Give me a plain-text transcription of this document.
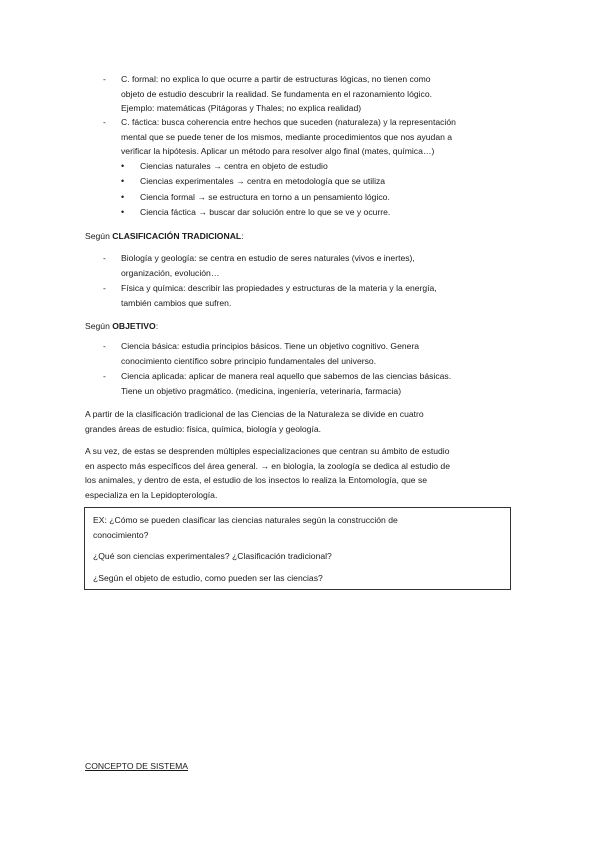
- C. formal: no explica lo que ocurre a partir de estructuras lógicas, no tienen como
objeto de estudio descubrir la realidad. Se fundamenta en el razonamiento lógico.
Ejemplo: matemáticas (Pitágoras y Thales; no explica realidad)
- C. fáctica: busca coherencia entre hechos que suceden (naturaleza) y la representación
mental que se puede tener de los mismos, mediante procedimientos que nos ayudan a
verificar la hipótesis. Aplicar un método para resolver algo final (mates, química…)
• Ciencias naturales → centra en objeto de estudio
• Ciencias experimentales → centra en metodología que se utiliza
• Ciencia formal → se estructura en torno a un pensamiento lógico.
• Ciencia fáctica → buscar dar solución entre lo que se ve y ocurre.
Según CLASIFICACIÓN TRADICIONAL:
- Biología y geología: se centra en estudio de seres naturales (vivos e inertes),
organización, evolución…
- Física y química: describir las propiedades y estructuras de la materia y la energía,
también cambios que sufren.
Según OBJETIVO:
- Ciencia básica: estudia principios básicos. Tiene un objetivo cognitivo. Genera
conocimiento científico sobre principio fundamentales del universo.
- Ciencia aplicada: aplicar de manera real aquello que sabemos de las ciencias básicas.
Tiene un objetivo pragmático. (medicina, ingeniería, veterinaria, farmacia)
A partir de la clasificación tradicional de las Ciencias de la Naturaleza se divide en cuatro
grandes áreas de estudio: física, química, biología y geología.
A su vez, de estas se desprenden múltiples especializaciones que centran su ámbito de estudio
en aspecto más específicos del área general. → en biología, la zoología se dedica al estudio de
los animales, y dentro de esta, el estudio de los insectos lo realiza la Entomología, que se
especializa en la Lepidopterología.
EX: ¿Cómo se pueden clasificar las ciencias naturales según la construcción de
conocimiento?
¿Qué son ciencias experimentales? ¿Clasificación tradicional?
¿Según el objeto de estudio, como pueden ser las ciencias?
CONCEPTO DE SISTEMA
